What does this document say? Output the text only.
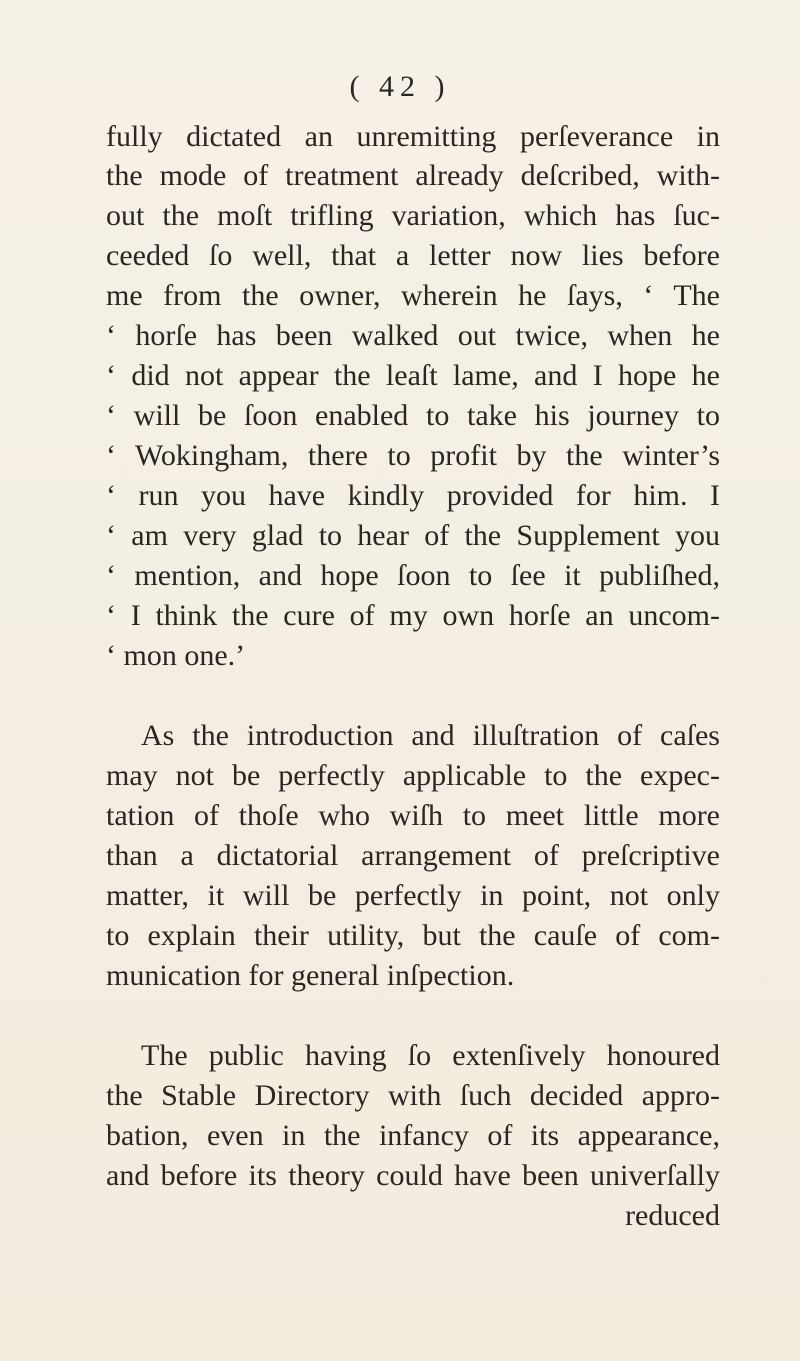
( 42 )
fully dictated an unremitting perſeverance in
the mode of treatment already deſcribed, with-
out the moſt trifling variation, which has ſuc-
ceeded ſo well, that a letter now lies before
me from the owner, wherein he ſays, ‘ The
‘ horſe has been walked out twice, when he
‘ did not appear the leaſt lame, and I hope he
‘ will be ſoon enabled to take his journey to
‘ Wokingham, there to profit by the winter’s
‘ run you have kindly provided for him. I
‘ am very glad to hear of the Supplement you
‘ mention, and hope ſoon to ſee it publiſhed,
‘ I think the cure of my own horſe an uncom-
‘ mon one.’
As the introduction and illuſtration of caſes
may not be perfectly applicable to the expec-
tation of thoſe who wiſh to meet little more
than a dictatorial arrangement of preſcriptive
matter, it will be perfectly in point, not only
to explain their utility, but the cauſe of com-
munication for general inſpection.
The public having ſo extenſively honoured
the Stable Directory with ſuch decided appro-
bation, even in the infancy of its appearance,
and before its theory could have been univerſally
reduced
